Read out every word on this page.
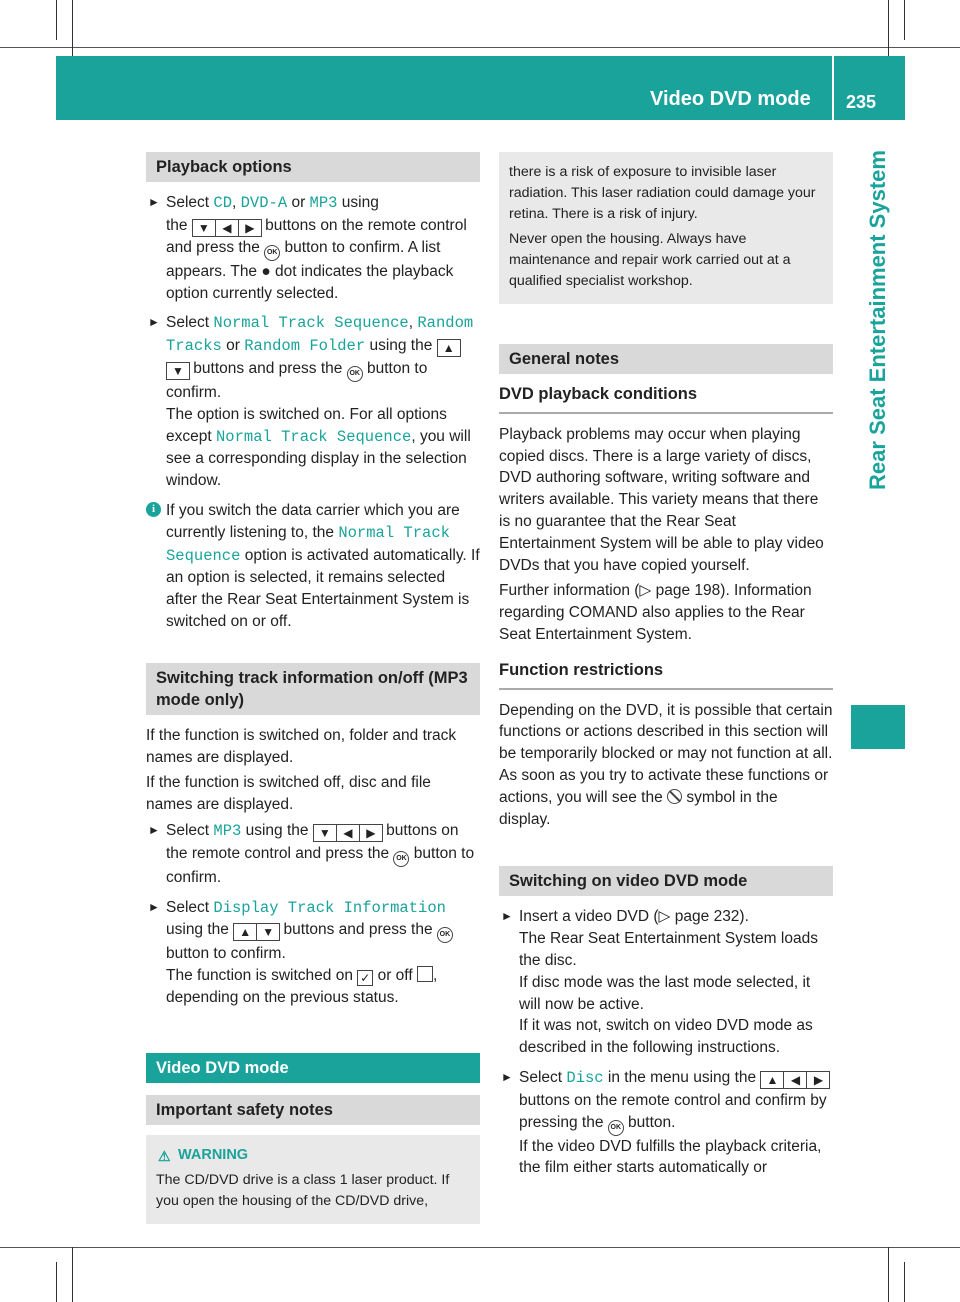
Video DVD mode 235
Rear Seat Entertainment System
Playback options
► Select CD, DVD-A or MP3 using
the ▼ ◀ ▶ buttons on the remote control and press the OK button to confirm. A list appears. The ● dot indicates the playback option currently selected.
► Select Normal Track Sequence, Random Tracks or Random Folder using the ▲▼ buttons and press the OK button to confirm.
The option is switched on. For all options except Normal Track Sequence, you will see a corresponding display in the selection window.
i If you switch the data carrier which you are currently listening to, the Normal Track Sequence option is activated automatically. If an option is selected, it remains selected after the Rear Seat Entertainment System is switched on or off.
Switching track information on/off (MP3 mode only)

If the function is switched on, folder and track names are displayed.

If the function is switched off, disc and file names are displayed.

► Select MP3 using the ▼ ◀ ▶ buttons on the remote control and press the OK button to confirm.
► Select Display Track Information using the ▲ ▼ buttons and press the OK button to confirm.
The function is switched on ✓ or off , depending on the previous status.
Video DVD mode
Important safety notes
⚠ WARNING

The CD/DVD drive is a class 1 laser product. If you open the housing of the CD/DVD drive,

there is a risk of exposure to invisible laser radiation. This laser radiation could damage your retina. There is a risk of injury.

Never open the housing. Always have maintenance and repair work carried out at a qualified specialist workshop.

General notes
DVD playback conditions

Playback problems may occur when playing copied discs. There is a large variety of discs, DVD authoring software, writing software and writers available. This variety means that there is no guarantee that the Rear Seat Entertainment System will be able to play video DVDs that you have copied yourself.

Further information (▷ page 198). Information regarding COMAND also applies to the Rear Seat Entertainment System.

Function restrictions

Depending on the DVD, it is possible that certain functions or actions described in this section will be temporarily blocked or may not function at all. As soon as you try to activate these functions or actions, you will see the  symbol in the display.

Switching on video DVD mode
► Insert a video DVD (▷ page 232).
The Rear Seat Entertainment System loads the disc.
If disc mode was the last mode selected, it will now be active.
If it was not, switch on video DVD mode as described in the following instructions.
► Select Disc in the menu using the ▲ ◀ ▶ buttons on the remote control and confirm by pressing the OK button.
If the video DVD fulfills the playback criteria, the film either starts automatically or
